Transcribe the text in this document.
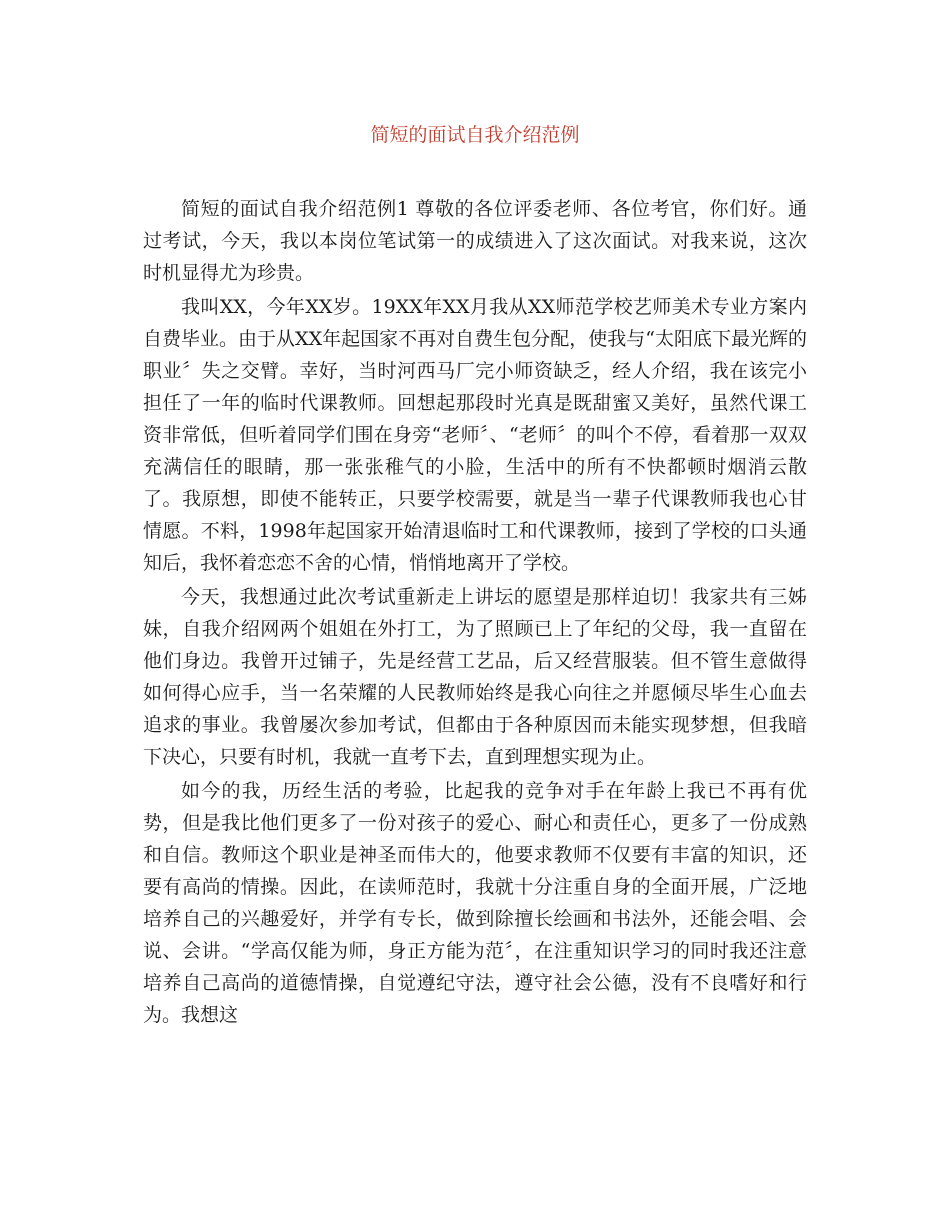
简短的面试自我介绍范例

简短的面试自我介绍范例1 尊敬的各位评委老师、各位考官，你们好。通过考试，今天，我以本岗位笔试第一的成绩进入了这次面试。对我来说，这次时机显得尤为珍贵。

我叫XX，今年XX岁。19XX年XX月我从XX师范学校艺师美术专业方案内自费毕业。由于从XX年起国家不再对自费生包分配，使我与“太阳底下最光辉的职业〞失之交臂。幸好，当时河西马厂完小师资缺乏，经人介绍，我在该完小担任了一年的临时代课教师。回想起那段时光真是既甜蜜又美好，虽然代课工资非常低，但听着同学们围在身旁“老师〞、“老师〞的叫个不停，看着那一双双充满信任的眼睛，那一张张稚气的小脸，生活中的所有不快都顿时烟消云散了。我原想，即使不能转正，只要学校需要，就是当一辈子代课教师我也心甘情愿。不料，1998年起国家开始清退临时工和代课教师，接到了学校的口头通知后，我怀着恋恋不舍的心情，悄悄地离开了学校。

今天，我想通过此次考试重新走上讲坛的愿望是那样迫切！我家共有三姊妹，自我介绍网两个姐姐在外打工，为了照顾已上了年纪的父母，我一直留在他们身边。我曾开过铺子，先是经营工艺品，后又经营服装。但不管生意做得如何得心应手，当一名荣耀的人民教师始终是我心向往之并愿倾尽毕生心血去追求的事业。我曾屡次参加考试，但都由于各种原因而未能实现梦想，但我暗下决心，只要有时机，我就一直考下去，直到理想实现为止。

如今的我，历经生活的考验，比起我的竞争对手在年龄上我已不再有优势，但是我比他们更多了一份对孩子的爱心、耐心和责任心，更多了一份成熟和自信。教师这个职业是神圣而伟大的，他要求教师不仅要有丰富的知识，还要有高尚的情操。因此，在读师范时，我就十分注重自身的全面开展，广泛地培养自己的兴趣爱好，并学有专长，做到除擅长绘画和书法外，还能会唱、会说、会讲。“学高仅能为师，身正方能为范〞，在注重知识学习的同时我还注意培养自己高尚的道德情操，自觉遵纪守法，遵守社会公德，没有不良嗜好和行为。我想这
